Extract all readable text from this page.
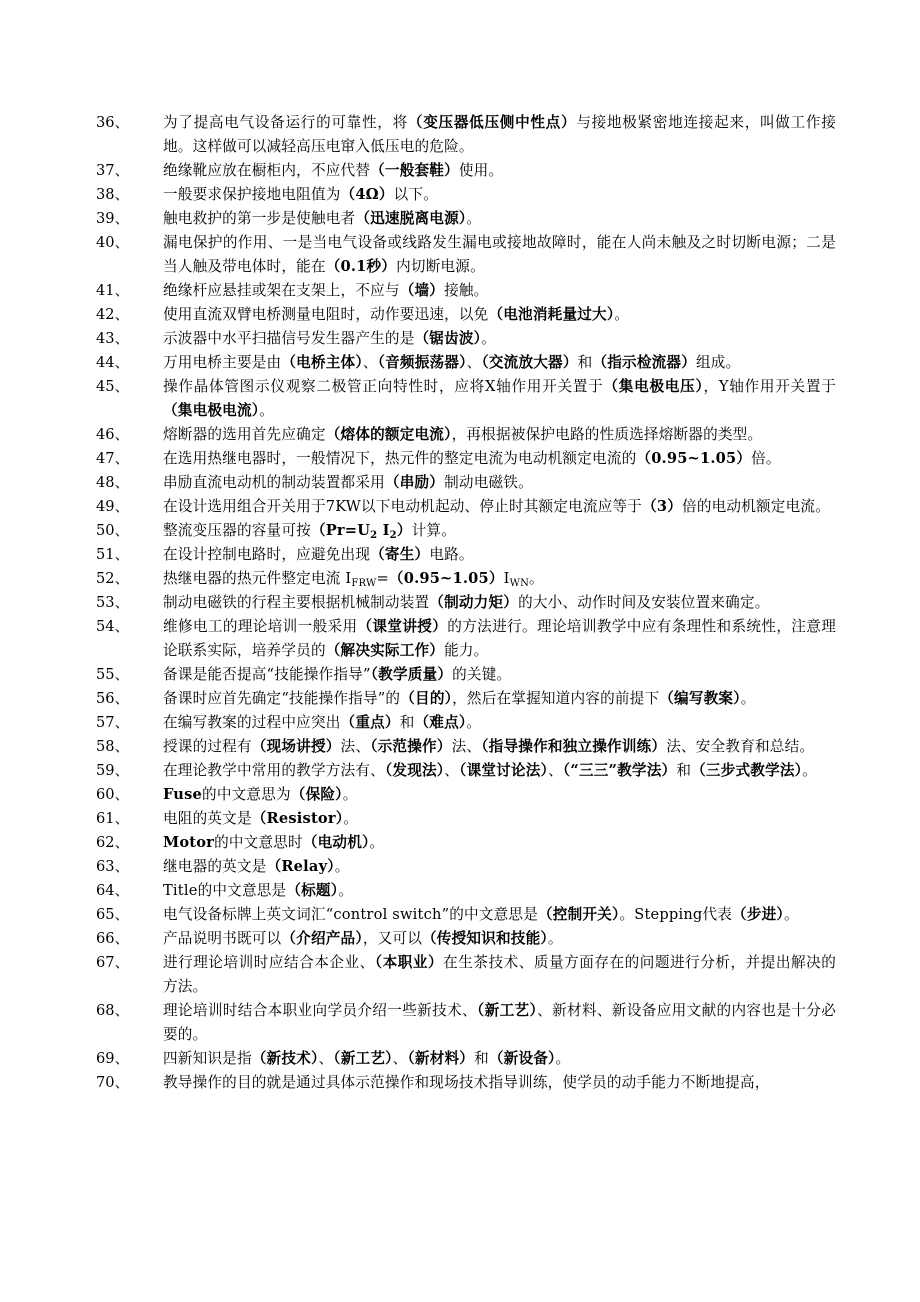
36、	为了提高电气设备运行的可靠性，将（变压器低压侧中性点）与接地极紧密地连接起来，叫做工作接地。这样做可以减轻高压电窜入低压电的危险。
37、	绝缘靴应放在橱柜内，不应代替（一般套鞋）使用。
38、	一般要求保护接地电阻值为（4Ω）以下。
39、	触电救护的第一步是使触电者（迅速脱离电源）。
40、	漏电保护的作用、一是当电气设备或线路发生漏电或接地故障时，能在人尚未触及之时切断电源；二是当人触及带电体时，能在（0.1秒）内切断电源。
41、	绝缘杆应悬挂或架在支架上，不应与（墙）接触。
42、	使用直流双臂电桥测量电阻时，动作要迅速，以免（电池消耗量过大）。
43、	示波器中水平扫描信号发生器产生的是（锯齿波）。
44、	万用电桥主要是由（电桥主体）、（音频振荡器）、（交流放大器）和（指示检流器）组成。
45、	操作晶体管图示仪观察二极管正向特性时，应将X轴作用开关置于（集电极电压），Y轴作用开关置于（集电极电流）。
46、	熔断器的选用首先应确定（熔体的额定电流），再根据被保护电路的性质选择熔断器的类型。
47、	在选用热继电器时，一般情况下，热元件的整定电流为电动机额定电流的（0.95~1.05）倍。
48、	串励直流电动机的制动装置都采用（串励）制动电磁铁。
49、	在设计选用组合开关用于7KW以下电动机起动、停止时其额定电流应等于（3）倍的电动机额定电流。
50、	整流变压器的容量可按（$Pr=U_2$ $I_2$）计算。
51、	在设计控制电路时，应避免出现（寄生）电路。
52、	热继电器的热元件整定电流 $I_{FRW}=(0.95\sim 1.05)I_{WN}$。
53、	制动电磁铁的行程主要根据机械制动装置（制动力矩）的大小、动作时间及安装位置来确定。
54、	维修电工的理论培训一般采用（课堂讲授）的方法进行。理论培训教学中应有条理性和系统性，注意理论联系实际，培养学员的（解决实际工作）能力。
55、	备课是能否提高“技能操作指导”（教学质量）的关键。
56、	备课时应首先确定“技能操作指导”的（目的），然后在掌握知道内容的前提下（编写教案）。
57、	在编写教案的过程中应突出（重点）和（难点）。
58、	授课的过程有（现场讲授）法、（示范操作）法、（指导操作和独立操作训练）法、安全教育和总结。
59、	在理论教学中常用的教学方法有、（发现法）、（课堂讨论法）、（“三三”教学法）和（三步式教学法）。
60、	Fuse的中文意思为（保险）。
61、	电阻的英文是（Resistor）。
62、	Motor的中文意思时（电动机）。
63、	继电器的英文是（Relay）。
64、	Title的中文意思是（标题）。
65、	电气设备标牌上英文词汇“control switch”的中文意思是（控制开关）。Stepping代表（步进）。
66、	产品说明书既可以（介绍产品），又可以（传授知识和技能）。
67、	进行理论培训时应结合本企业、（本职业）在生茶技术、质量方面存在的问题进行分析，并提出解决的方法。
68、	理论培训时结合本职业向学员介绍一些新技术、（新工艺）、新材料、新设备应用文献的内容也是十分必要的。
69、	四新知识是指（新技术）、（新工艺）、（新材料）和（新设备）。
70、	教导操作的目的就是通过具体示范操作和现场技术指导训练，使学员的动手能力不断地提高，
